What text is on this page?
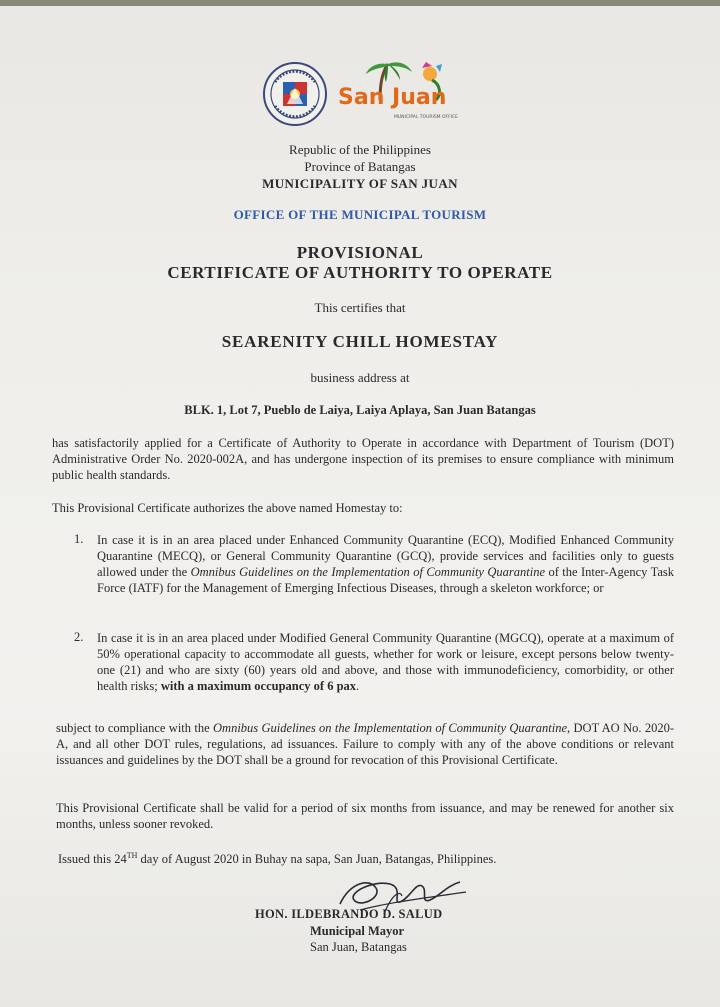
San Juan
MUNICIPAL TOURISM OFFICE
Republic of the Philippines
Province of Batangas
MUNICIPALITY OF SAN JUAN
OFFICE OF THE MUNICIPAL TOURISM
PROVISIONAL
CERTIFICATE OF AUTHORITY TO OPERATE
This certifies that
SEARENITY CHILL HOMESTAY
business address at
BLK. 1, Lot 7, Pueblo de Laiya, Laiya Aplaya, San Juan Batangas
has satisfactorily applied for a Certificate of Authority to Operate in accordance with Department of Tourism (DOT) Administrative Order No. 2020-002A, and has undergone inspection of its premises to ensure compliance with minimum public health standards.
This Provisional Certificate authorizes the above named Homestay to:
1. In case it is in an area placed under Enhanced Community Quarantine (ECQ), Modified Enhanced Community Quarantine (MECQ), or General Community Quarantine (GCQ), provide services and facilities only to guests allowed under the Omnibus Guidelines on the Implementation of Community Quarantine of the Inter-Agency Task Force (IATF) for the Management of Emerging Infectious Diseases, through a skeleton workforce; or
2. In case it is in an area placed under Modified General Community Quarantine (MGCQ), operate at a maximum of 50% operational capacity to accommodate all guests, whether for work or leisure, except persons below twenty-one (21) and who are sixty (60) years old and above, and those with immunodeficiency, comorbidity, or other health risks; with a maximum occupancy of 6 pax.
subject to compliance with the Omnibus Guidelines on the Implementation of Community Quarantine, DOT AO No. 2020-A, and all other DOT rules, regulations, ad issuances. Failure to comply with any of the above conditions or relevant issuances and guidelines by the DOT shall be a ground for revocation of this Provisional Certificate.
This Provisional Certificate shall be valid for a period of six months from issuance, and may be renewed for another six months, unless sooner revoked.
Issued this 24TH day of August 2020 in Buhay na sapa, San Juan, Batangas, Philippines.
HON. ILDEBRANDO D. SALUD
Municipal Mayor
San Juan, Batangas
